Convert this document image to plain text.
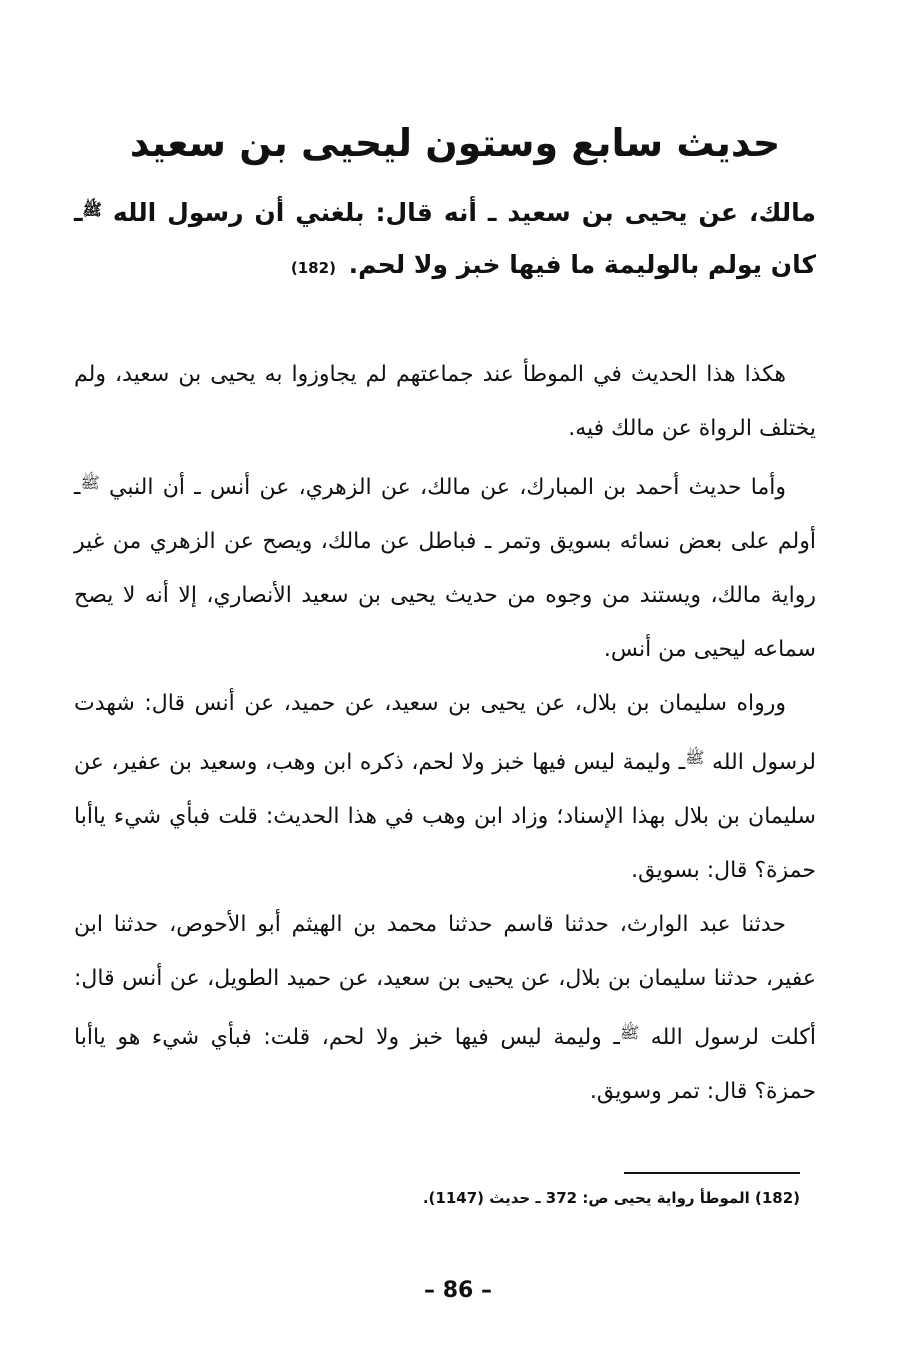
حديث سابع وستون ليحيى بن سعيد

مالك، عن يحيى بن سعيد ـ أنه قال: بلغني أن رسول الله $^ﷺ$ـ كان يولم بالوليمة ما فيها خبز ولا لحم. (182)

هكذا هذا الحديث في الموطأ عند جماعتهم لم يجاوزوا به يحيى بن سعيد، ولم يختلف الرواة عن مالك فيه.

وأما حديث أحمد بن المبارك، عن مالك، عن الزهري، عن أنس ـ أن النبي $^ﷺ$ـ أولم على بعض نسائه بسويق وتمر ـ فباطل عن مالك، ويصح عن الزهري من غير رواية مالك، ويستند من وجوه من حديث يحيى بن سعيد الأنصاري، إلا أنه لا يصح سماعه ليحيى من أنس.

ورواه سليمان بن بلال، عن يحيى بن سعيد، عن حميد، عن أنس قال: شهدت لرسول الله $^ﷺ$ـ وليمة ليس فيها خبز ولا لحم، ذكره ابن وهب، وسعيد بن عفير، عن سليمان بن بلال بهذا الإسناد؛ وزاد ابن وهب في هذا الحديث: قلت فبأي شيء ياأبا حمزة؟ قال: بسويق.

حدثنا عبد الوارث، حدثنا قاسم حدثنا محمد بن الهيثم أبو الأحوص، حدثنا ابن عفير، حدثنا سليمان بن بلال، عن يحيى بن سعيد، عن حميد الطويل، عن أنس قال: أكلت لرسول الله $^ﷺ$ـ وليمة ليس فيها خبز ولا لحم، قلت: فبأي شيء هو ياأبا حمزة؟ قال: تمر وسويق.

(182) الموطأ رواية يحيى ص: 372 ـ حديث (1147).

– 86 –
